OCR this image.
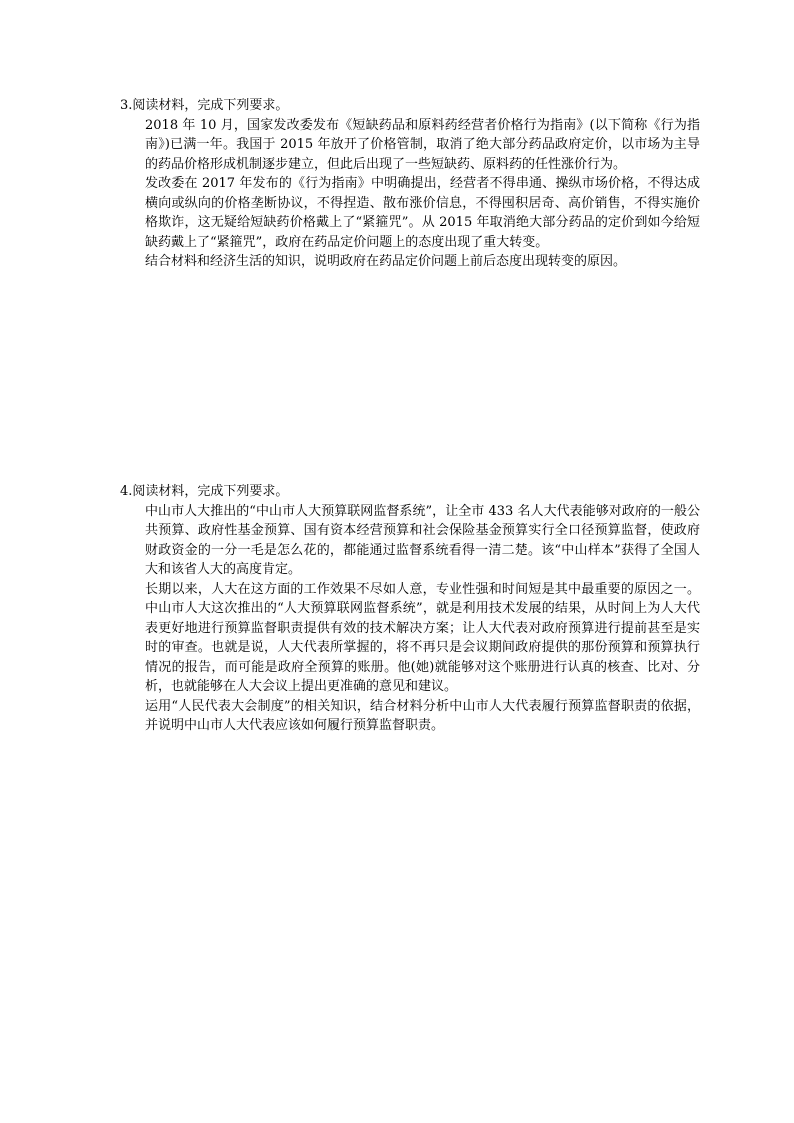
3.阅读材料，完成下列要求。

2018 年 10 月，国家发改委发布《短缺药品和原料药经营者价格行为指南》(以下简称《行为指南》)已满一年。我国于 2015 年放开了价格管制，取消了绝大部分药品政府定价，以市场为主导的药品价格形成机制逐步建立，但此后出现了一些短缺药、原料药的任性涨价行为。

发改委在 2017 年发布的《行为指南》中明确提出，经营者不得串通、操纵市场价格，不得达成横向或纵向的价格垄断协议，不得捏造、散布涨价信息，不得囤积居奇、高价销售，不得实施价格欺诈，这无疑给短缺药价格戴上了“紧箍咒”。从 2015 年取消绝大部分药品的定价到如今给短缺药戴上了“紧箍咒”，政府在药品定价问题上的态度出现了重大转变。

结合材料和经济生活的知识，说明政府在药品定价问题上前后态度出现转变的原因。

4.阅读材料，完成下列要求。

中山市人大推出的“中山市人大预算联网监督系统”，让全市 433 名人大代表能够对政府的一般公共预算、政府性基金预算、国有资本经营预算和社会保险基金预算实行全口径预算监督，使政府财政资金的一分一毛是怎么花的，都能通过监督系统看得一清二楚。该“中山样本”获得了全国人大和该省人大的高度肯定。

长期以来，人大在这方面的工作效果不尽如人意，专业性强和时间短是其中最重要的原因之一。中山市人大这次推出的“人大预算联网监督系统”，就是利用技术发展的结果，从时间上为人大代表更好地进行预算监督职责提供有效的技术解决方案；让人大代表对政府预算进行提前甚至是实时的审查。也就是说，人大代表所掌握的，将不再只是会议期间政府提供的那份预算和预算执行情况的报告，而可能是政府全预算的账册。他(她)就能够对这个账册进行认真的核查、比对、分析，也就能够在人大会议上提出更准确的意见和建议。

运用“人民代表大会制度”的相关知识，结合材料分析中山市人大代表履行预算监督职责的依据，并说明中山市人大代表应该如何履行预算监督职责。
